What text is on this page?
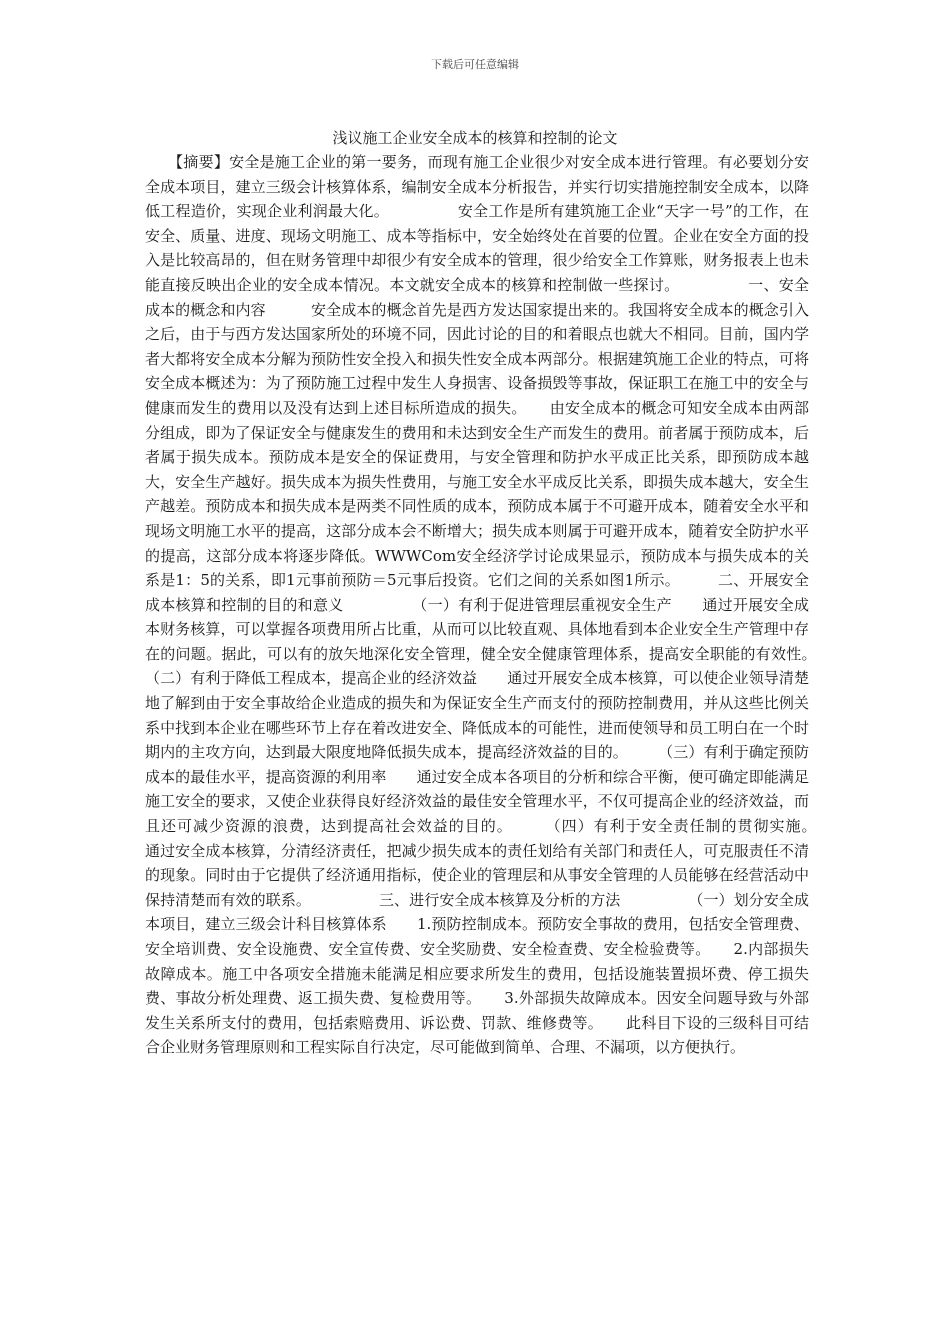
下载后可任意编辑
浅议施工企业安全成本的核算和控制的论文
　　【摘要】安全是施工企业的第一要务，而现有施工企业很少对安全成本进行管理。有必要划分安全成本项目，建立三级会计核算体系，编制安全成本分析报告，并实行切实措施控制安全成本，以降低工程造价，实现企业利润最大化。　　　　　安全工作是所有建筑施工企业“天字一号”的工作，在安全、质量、进度、现场文明施工、成本等指标中，安全始终处在首要的位置。企业在安全方面的投入是比较高昂的，但在财务管理中却很少有安全成本的管理，很少给安全工作算账，财务报表上也未能直接反映出企业的安全成本情况。本文就安全成本的核算和控制做一些探讨。　　　　　一、安全成本的概念和内容　　　安全成本的概念首先是西方发达国家提出来的。我国将安全成本的概念引入之后，由于与西方发达国家所处的环境不同，因此讨论的目的和着眼点也就大不相同。目前，国内学者大都将安全成本分解为预防性安全投入和损失性安全成本两部分。根据建筑施工企业的特点，可将安全成本概述为：为了预防施工过程中发生人身损害、设备损毁等事故，保证职工在施工中的安全与健康而发生的费用以及没有达到上述目标所造成的损失。　　由安全成本的概念可知安全成本由两部分组成，即为了保证安全与健康发生的费用和未达到安全生产而发生的费用。前者属于预防成本，后者属于损失成本。预防成本是安全的保证费用，与安全管理和防护水平成正比关系，即预防成本越大，安全生产越好。损失成本为损失性费用，与施工安全水平成反比关系，即损失成本越大，安全生产越差。预防成本和损失成本是两类不同性质的成本，预防成本属于不可避开成本，随着安全水平和现场文明施工水平的提高，这部分成本会不断增大；损失成本则属于可避开成本，随着安全防护水平的提高，这部分成本将逐步降低。WWWCom安全经济学讨论成果显示，预防成本与损失成本的关系是1：5的关系，即1元事前预防＝5元事后投资。它们之间的关系如图1所示。　　　二、开展安全成本核算和控制的目的和意义　　　　　（一）有利于促进管理层重视安全生产　　通过开展安全成本财务核算，可以掌握各项费用所占比重，从而可以比较直观、具体地看到本企业安全生产管理中存在的问题。据此，可以有的放矢地深化安全管理，健全安全健康管理体系，提高安全职能的有效性。　　　（二）有利于降低工程成本，提高企业的经济效益　　通过开展安全成本核算，可以使企业领导清楚地了解到由于安全事故给企业造成的损失和为保证安全生产而支付的预防控制费用，并从这些比例关系中找到本企业在哪些环节上存在着改进安全、降低成本的可能性，进而使领导和员工明白在一个时期内的主攻方向，达到最大限度地降低损失成本，提高经济效益的目的。　　　（三）有利于确定预防成本的最佳水平，提高资源的利用率　　通过安全成本各项目的分析和综合平衡，便可确定即能满足施工安全的要求，又使企业获得良好经济效益的最佳安全管理水平，不仅可提高企业的经济效益，而且还可减少资源的浪费，达到提高社会效益的目的。　　　（四）有利于安全责任制的贯彻实施。　　通过安全成本核算，分清经济责任，把减少损失成本的责任划给有关部门和责任人，可克服责任不清的现象。同时由于它提供了经济通用指标，使企业的管理层和从事安全管理的人员能够在经营活动中保持清楚而有效的联系。　　　　　三、进行安全成本核算及分析的方法　　　　　（一）划分安全成本项目，建立三级会计科目核算体系　　1.预防控制成本。预防安全事故的费用，包括安全管理费、安全培训费、安全设施费、安全宣传费、安全奖励费、安全检查费、安全检验费等。　　2.内部损失故障成本。施工中各项安全措施未能满足相应要求所发生的费用，包括设施装置损坏费、停工损失费、事故分析处理费、返工损失费、复检费用等。　　3.外部损失故障成本。因安全问题导致与外部发生关系所支付的费用，包括索赔费用、诉讼费、罚款、维修费等。　　此科目下设的三级科目可结合企业财务管理原则和工程实际自行决定，尽可能做到简单、合理、不漏项，以方便执行。
